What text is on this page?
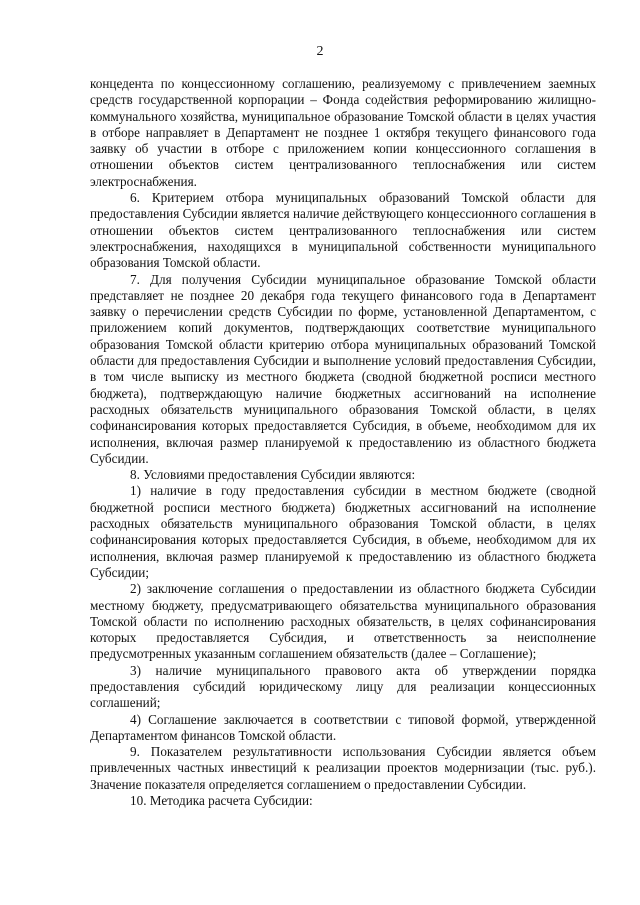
2

концедента по концессионному соглашению, реализуемому с привлечением заемных средств государственной корпорации – Фонда содействия реформированию жилищно-коммунального хозяйства, муниципальное образование Томской области в целях участия в отборе направляет в Департамент не позднее 1 октября текущего финансового года заявку об участии в отборе с приложением копии концессионного соглашения в отношении объектов систем централизованного теплоснабжения или систем электроснабжения.

6. Критерием отбора муниципальных образований Томской области для предоставления Субсидии является наличие действующего концессионного соглашения в отношении объектов систем централизованного теплоснабжения или систем электроснабжения, находящихся в муниципальной собственности муниципального образования Томской области.

7. Для получения Субсидии муниципальное образование Томской области представляет не позднее 20 декабря года текущего финансового года в Департамент заявку о перечислении средств Субсидии по форме, установленной Департаментом, с приложением копий документов, подтверждающих соответствие муниципального образования Томской области критерию отбора муниципальных образований Томской области для предоставления Субсидии и выполнение условий предоставления Субсидии, в том числе выписку из местного бюджета (сводной бюджетной росписи местного бюджета), подтверждающую наличие бюджетных ассигнований на исполнение расходных обязательств муниципального образования Томской области, в целях софинансирования которых предоставляется Субсидия, в объеме, необходимом для их исполнения, включая размер планируемой к предоставлению из областного бюджета Субсидии.

8. Условиями предоставления Субсидии являются:

1) наличие в году предоставления субсидии в местном бюджете (сводной бюджетной росписи местного бюджета) бюджетных ассигнований на исполнение расходных обязательств муниципального образования Томской области, в целях софинансирования которых предоставляется Субсидия, в объеме, необходимом для их исполнения, включая размер планируемой к предоставлению из областного бюджета Субсидии;

2) заключение соглашения о предоставлении из областного бюджета Субсидии местному бюджету, предусматривающего обязательства муниципального образования Томской области по исполнению расходных обязательств, в целях софинансирования которых предоставляется Субсидия, и ответственность за неисполнение предусмотренных указанным соглашением обязательств (далее – Соглашение);

3) наличие муниципального правового акта об утверждении порядка предоставления субсидий юридическому лицу для реализации концессионных соглашений;

4) Соглашение заключается в соответствии с типовой формой, утвержденной Департаментом финансов Томской области.

9. Показателем результативности использования Субсидии является объем привлеченных частных инвестиций к реализации проектов модернизации (тыс. руб.). Значение показателя определяется соглашением о предоставлении Субсидии.

10. Методика расчета Субсидии:
